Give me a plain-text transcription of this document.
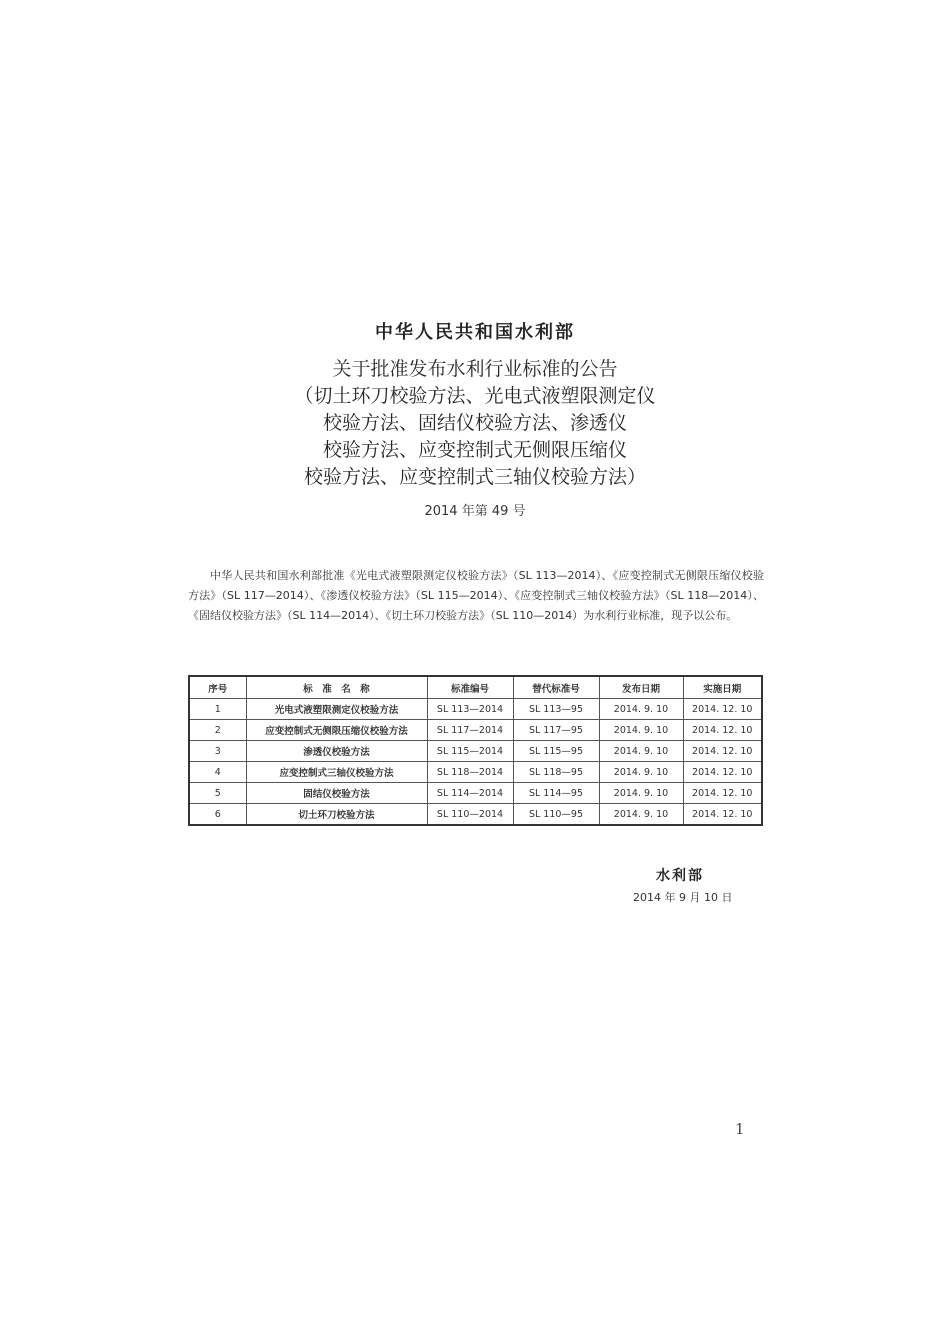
中华人民共和国水利部
关于批准发布水利行业标准的公告
（切土环刀校验方法、光电式液塑限测定仪
校验方法、固结仪校验方法、渗透仪
校验方法、应变控制式无侧限压缩仪
校验方法、应变控制式三轴仪校验方法）
2014 年第 49 号

中华人民共和国水利部批准《光电式液塑限测定仪校验方法》（SL 113—2014）、《应变控制式无侧限压缩仪校验方法》（SL 117—2014）、《渗透仪校验方法》（SL 115—2014）、《应变控制式三轴仪校验方法》（SL 118—2014）、《固结仪校验方法》（SL 114—2014）、《切土环刀校验方法》（SL 110—2014）为水利行业标准，现予以公布。

序号	标　准　名　称	标准编号	替代标准号	发布日期	实施日期
1	光电式液塑限测定仪校验方法	SL 113—2014	SL 113—95	2014. 9. 10	2014. 12. 10
2	应变控制式无侧限压缩仪校验方法	SL 117—2014	SL 117—95	2014. 9. 10	2014. 12. 10
3	渗透仪校验方法	SL 115—2014	SL 115—95	2014. 9. 10	2014. 12. 10
4	应变控制式三轴仪校验方法	SL 118—2014	SL 118—95	2014. 9. 10	2014. 12. 10
5	固结仪校验方法	SL 114—2014	SL 114—95	2014. 9. 10	2014. 12. 10
6	切土环刀校验方法	SL 110—2014	SL 110—95	2014. 9. 10	2014. 12. 10
水利部
2014 年 9 月 10 日
1
